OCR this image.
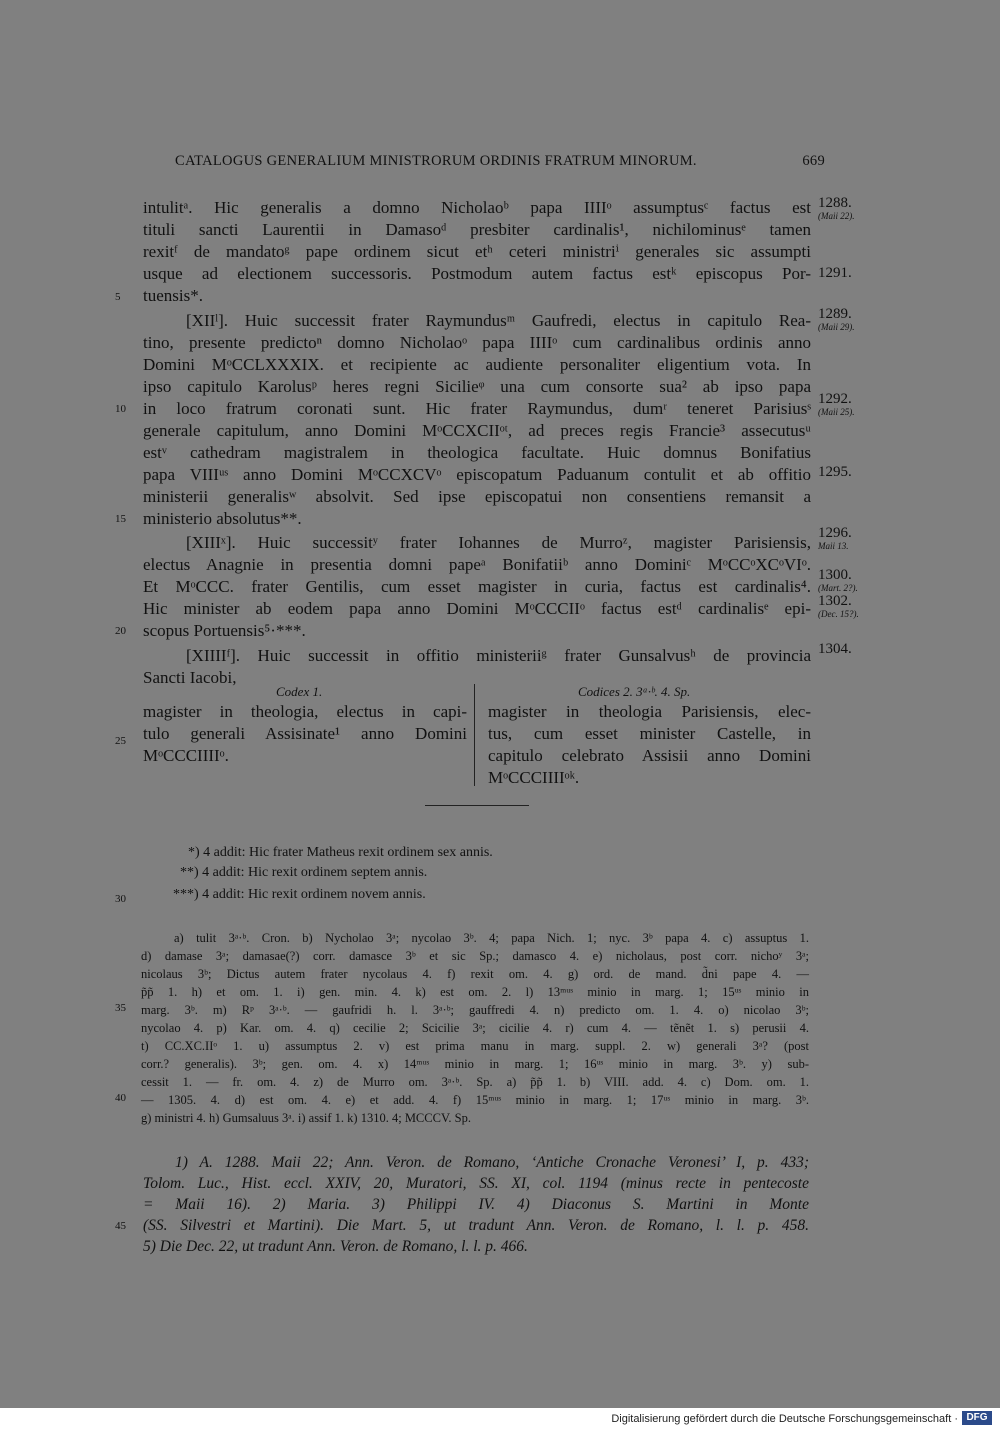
CATALOGUS GENERALIUM MINISTRORUM ORDINIS FRATRUM MINORUM.	669
intulitᵃ. Hic generalis a domno Nicholaoᵇ papa IIIIᵒ assumptusᶜ factus est
tituli sancti Laurentii in Damasoᵈ presbiter cardinalis¹, nichilominusᵉ tamen
rexitᶠ de mandatoᵍ pape ordinem sicut etʰ ceteri ministriⁱ generales sic assumpti
usque ad electionem successoris. Postmodum autem factus estᵏ episcopus Por-
tuensis*.
[XIIˡ]. Huic successit frater Raymundusᵐ Gaufredi, electus in capitulo Rea-
tino, presente predictoⁿ domno Nicholaoᵒ papa IIIIᵒ cum cardinalibus ordinis anno
Domini MᵒCCLXXXIX. et recipiente ac audiente personaliter eligentium vota. In
ipso capitulo Karolusᵖ heres regni Sicilieᵠ una cum consorte sua² ab ipso papa
in loco fratrum coronati sunt. Hic frater Raymundus, dumʳ teneret Parisiusˢ
generale capitulum, anno Domini MᵒCCXCIIᵒᵗ, ad preces regis Francie³ assecutusᵘ
estᵛ cathedram magistralem in theologica facultate. Huic domnus Bonifatius
papa VIIIᵘˢ anno Domini MᵒCCXCVᵒ episcopatum Paduanum contulit et ab offitio
ministerii generalisʷ absolvit. Sed ipse episcopatui non consentiens remansit a
ministerio absolutus**.
[XIIIˣ]. Huic successitʸ frater Iohannes de Murroᶻ, magister Parisiensis,
electus Anagnie in presentia domni papeᵃ Bonifatiiᵇ anno Dominiᶜ MᵒCCᵒXCᵒVIᵒ.
Et MᵒCCC. frater Gentilis, cum esset magister in curia, factus est cardinalis⁴.
Hic minister ab eodem papa anno Domini MᵒCCCIIᵒ factus estᵈ cardinalisᵉ epi-
scopus Portuensis⁵·***.
[XIIIIᶠ]. Huic successit in offitio ministeriiᵍ frater Gunsalvusʰ de provincia
Sancti Iacobi,
5
10
15
20
25
30
35
40
45
1288.
(Maii 22).
1291.
1289.
(Maii 29).
1292.
(Maii 25).
1295.
1296.
Maii 13.
1300.
(Mart. 2?).
1302.
(Dec. 15?).
1304.
Codex 1.	Codices 2. 3ᵃ·ᵇ. 4. Sp.
magister in theologia, electus in capi-
tulo generali Assisinate¹ anno Domini
MᵒCCCIIIIᵒ.
magister in theologia Parisiensis, elec-
tus, cum esset minister Castelle, in
capitulo celebrato Assisii anno Domini
MᵒCCCIIIIᵒᵏ.
*) 4 addit: Hic frater Matheus rexit ordinem sex annis.
**) 4 addit: Hic rexit ordinem septem annis.
***) 4 addit: Hic rexit ordinem novem annis.
a) tulit 3ᵃ·ᵇ. Cron. b) Nycholao 3ᵃ; nycolao 3ᵇ. 4; papa Nich. 1; nyc. 3ᵇ papa 4. c) assuptus 1.
d) damase 3ᵃ; damasae(?) corr. damasce 3ᵇ et sic Sp.; damasco 4. e) nicholaus, post corr. nichoʸ 3ᵃ;
nicolaus 3ᵇ; Dictus autem frater nycolaus 4. f) rexit om. 4. g) ord. de mand. d̃ni pape 4. —
p̃p̃ 1. h) et om. 1. i) gen. min. 4. k) est om. 2. l) 13ᵐᵘˢ minio in marg. 1; 15ᵘˢ minio in
marg. 3ᵇ. m) Rᵖ 3ᵃ·ᵇ. — gaufridi h. l. 3ᵃ·ᵇ; gauffredi 4. n) predicto om. 1. 4. o) nicolao 3ᵇ;
nycolao 4. p) Kar. om. 4. q) cecilie 2; Scicilie 3ᵃ; cicilie 4. r) cum 4. — tẽnẽt 1. s) perusii 4.
t) CC.XC.IIᵒ 1. u) assumptus 2. v) est prima manu in marg. suppl. 2. w) generali 3ᵃ? (post
corr.? generalis). 3ᵇ; gen. om. 4. x) 14ᵐᵘˢ minio in marg. 1; 16ᵘˢ minio in marg. 3ᵇ. y) sub-
cessit 1. — fr. om. 4. z) de Murro om. 3ᵃ·ᵇ. Sp. a) p̃p̃ 1. b) VIII. add. 4. c) Dom. om. 1.
— 1305. 4. d) est om. 4. e) et add. 4. f) 15ᵐᵘˢ minio in marg. 1; 17ᵘˢ minio in marg. 3ᵇ.
g) ministri 4. h) Gumsaluus 3ᵃ. i) assif 1. k) 1310. 4; MCCCV. Sp.
1) A. 1288. Maii 22; Ann. Veron. de Romano, ‘Antiche Cronache Veronesi’ I, p. 433;
Tolom. Luc., Hist. eccl. XXIV, 20, Muratori, SS. XI, col. 1194 (minus recte in pentecoste
= Maii 16). 2) Maria. 3) Philippi IV. 4) Diaconus S. Martini in Monte
(SS. Silvestri et Martini). Die Mart. 5, ut tradunt Ann. Veron. de Romano, l. l. p. 458.
5) Die Dec. 22, ut tradunt Ann. Veron. de Romano, l. l. p. 466.
Digitalisierung gefördert durch die Deutsche Forschungsgemeinschaft · DFG
